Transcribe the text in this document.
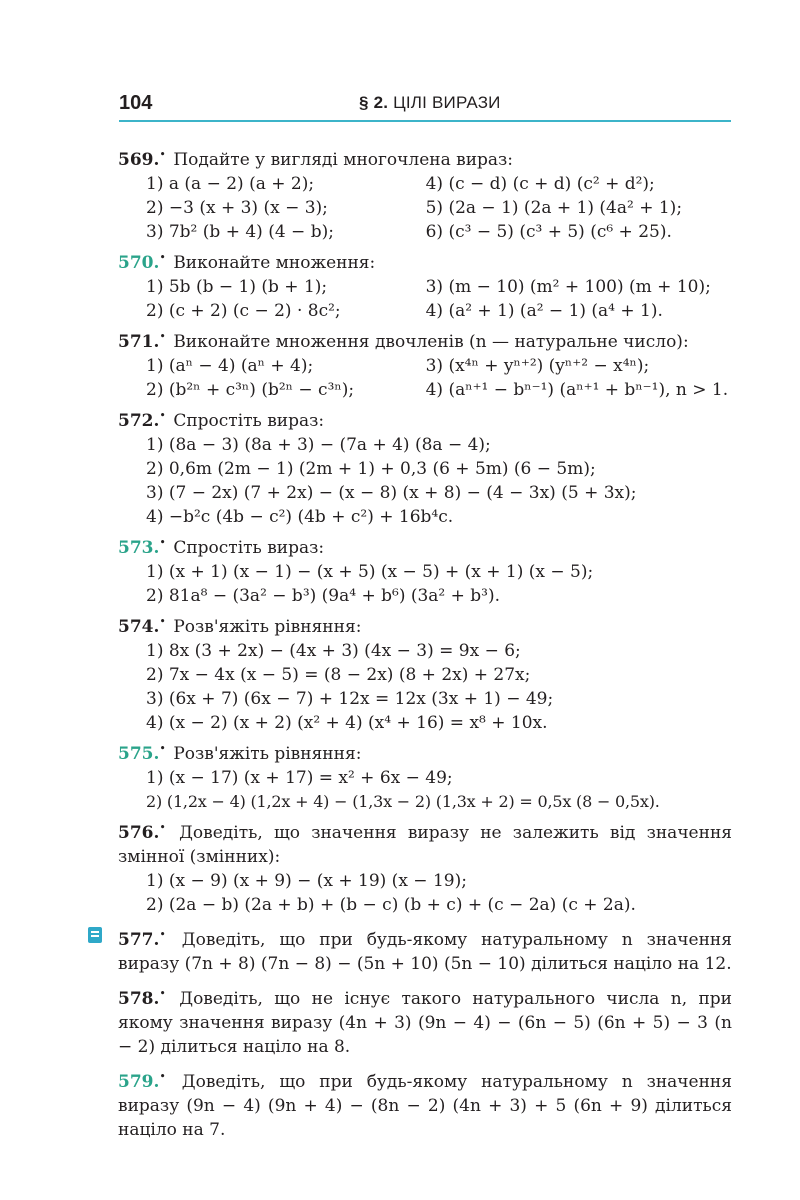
104	§ 2. ЦІЛІ ВИРАЗИ
569.• Подайте у вигляді многочлена вираз:
1) a (a − 2) (a + 2);	4) (c − d) (c + d) (c² + d²);
2) −3 (x + 3) (x − 3);	5) (2a − 1) (2a + 1) (4a² + 1);
3) 7b² (b + 4) (4 − b);	6) (c³ − 5) (c³ + 5) (c⁶ + 25).
570.• Виконайте множення:
1) 5b (b − 1) (b + 1);	3) (m − 10) (m² + 100) (m + 10);
2) (c + 2) (c − 2) · 8c²;	4) (a² + 1) (a² − 1) (a⁴ + 1).
571.• Виконайте множення двочленів (n — натуральне число):
1) (aⁿ − 4) (aⁿ + 4);	3) (x⁴ⁿ + yⁿ⁺²) (yⁿ⁺² − x⁴ⁿ);
2) (b²ⁿ + c³ⁿ) (b²ⁿ − c³ⁿ);	4) (aⁿ⁺¹ − bⁿ⁻¹) (aⁿ⁺¹ + bⁿ⁻¹), n > 1.
572.• Спростіть вираз:
1) (8a − 3) (8a + 3) − (7a + 4) (8a − 4);
2) 0,6m (2m − 1) (2m + 1) + 0,3 (6 + 5m) (6 − 5m);
3) (7 − 2x) (7 + 2x) − (x − 8) (x + 8) − (4 − 3x) (5 + 3x);
4) −b²c (4b − c²) (4b + c²) + 16b⁴c.
573.• Спростіть вираз:
1) (x + 1) (x − 1) − (x + 5) (x − 5) + (x + 1) (x − 5);
2) 81a⁸ − (3a² − b³) (9a⁴ + b⁶) (3a² + b³).
574.• Розв'яжіть рівняння:
1) 8x (3 + 2x) − (4x + 3) (4x − 3) = 9x − 6;
2) 7x − 4x (x − 5) = (8 − 2x) (8 + 2x) + 27x;
3) (6x + 7) (6x − 7) + 12x = 12x (3x + 1) − 49;
4) (x − 2) (x + 2) (x² + 4) (x⁴ + 16) = x⁸ + 10x.
575.• Розв'яжіть рівняння:
1) (x − 17) (x + 17) = x² + 6x − 49;
2) (1,2x − 4) (1,2x + 4) − (1,3x − 2) (1,3x + 2) = 0,5x (8 − 0,5x).
576.• Доведіть, що значення виразу не залежить від значення змінної (змінних):
1) (x − 9) (x + 9) − (x + 19) (x − 19);
2) (2a − b) (2a + b) + (b − c) (b + c) + (c − 2a) (c + 2a).
577.• Доведіть, що при будь-якому натуральному n значення виразу (7n + 8) (7n − 8) − (5n + 10) (5n − 10) ділиться націло на 12.
578.• Доведіть, що не існує такого натурального числа n, при якому значення виразу (4n + 3) (9n − 4) − (6n − 5) (6n + 5) − 3 (n − 2) ділиться націло на 8.
579.• Доведіть, що при будь-якому натуральному n значення виразу (9n − 4) (9n + 4) − (8n − 2) (4n + 3) + 5 (6n + 9) ділиться націло на 7.
